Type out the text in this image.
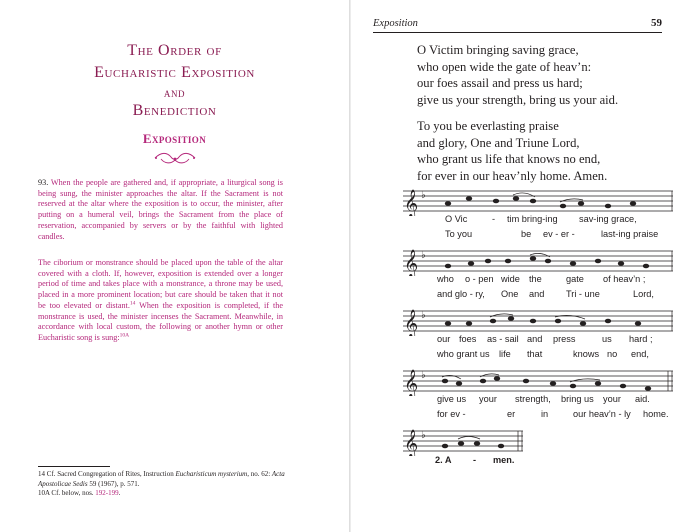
The Order of
Eucharistic Exposition
and
Benediction
Exposition
93. When the people are gathered and, if appropriate, a liturgical song is being sung, the minister approaches the altar. If the Sacrament is not reserved at the altar where the exposition is to occur, the minister, after putting on a humeral veil, brings the Sacrament from the place of reservation, accompanied by servers or by the faithful with lighted candles.
The ciborium or monstrance should be placed upon the table of the altar covered with a cloth. If, however, exposition is extended over a longer period of time and takes place with a monstrance, a throne may be used, placed in a more prominent location; but care should be taken that it not be too elevated or distant.$^{14}$ When the exposition is completed, if the monstrance is used, the minister incenses the Sacrament. Meanwhile, in accordance with local custom, the following or another hymn or other Eucharistic song is sung:$^{10A}$
14 Cf. Sacred Congregation of Rites, Instruction Eucharisticum mysterium, no. 62: Acta Apostolicae Sedis 59 (1967), p. 571.
10A Cf. below, nos. 192-199.
Exposition	59
O Victim bringing saving grace,
who open wide the gate of heav’n:
our foes assail and press us hard;
give us your strength, bring us your aid.
To you be everlasting praise
and glory, One and Triune Lord,
who grant us life that knows no end,
for ever in our heav’nly home. Amen.
𝄞 ♭
𝄞 ♭
𝄞 ♭
𝄞 ♭
𝄞 ♭
O Vic	- tim bring-ing sav-ing grace,
To you	be ev - er -	last-ing praise
who o - pen wide the	gate of heav’n ;
and glo - ry, One and Tri - une	Lord,
our foes as - sail and press	us hard ;
who grant us life that	knows no end,
give us your strength, bring us your aid.
for ev -	er	in	our heav’n - ly home.
2. A - men.
